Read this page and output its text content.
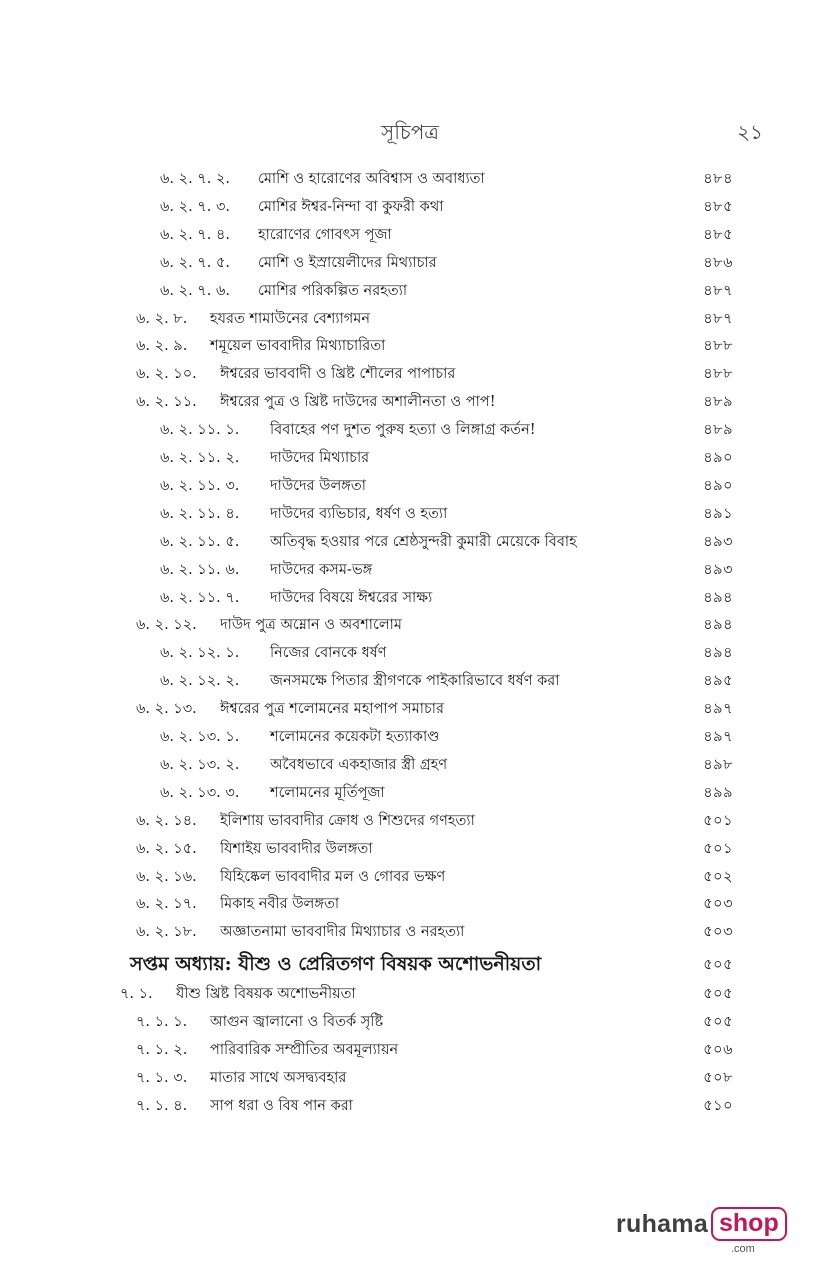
সূচিপত্র	২১
৬. ২. ৭. ২. মোশি ও হারোণের অবিশ্বাস ও অবাধ্যতা	৪৮৪
৬. ২. ৭. ৩. মোশির ঈশ্বর-নিন্দা বা কুফরী কথা	৪৮৫
৬. ২. ৭. ৪. হারোণের গোবৎস পূজা	৪৮৫
৬. ২. ৭. ৫. মোশি ও ইস্রায়েলীদের মিথ্যাচার	৪৮৬
৬. ২. ৭. ৬. মোশির পরিকল্পিত নরহত্যা	৪৮৭
৬. ২. ৮. হযরত শামাউনের বেশ্যাগমন	৪৮৭
৬. ২. ৯. শমূয়েল ভাববাদীর মিথ্যাচারিতা	৪৮৮
৬. ২. ১০. ঈশ্বরের ভাববাদী ও খ্রিষ্ট শৌলের পাপাচার	৪৮৮
৬. ২. ১১. ঈশ্বরের পুত্র ও খ্রিষ্ট দাউদের অশালীনতা ও পাপ!	৪৮৯
৬. ২. ১১. ১. বিবাহের পণ দুশত পুরুষ হত্যা ও লিঙ্গাগ্র কর্তন!	৪৮৯
৬. ২. ১১. ২. দাউদের মিথ্যাচার	৪৯০
৬. ২. ১১. ৩. দাউদের উলঙ্গতা	৪৯০
৬. ২. ১১. ৪. দাউদের ব্যভিচার, ধর্ষণ ও হত্যা	৪৯১
৬. ২. ১১. ৫. অতিবৃদ্ধ হওয়ার পরে শ্রেষ্ঠসুন্দরী কুমারী মেয়েকে বিবাহ	৪৯৩
৬. ২. ১১. ৬. দাউদের কসম-ভঙ্গ	৪৯৩
৬. ২. ১১. ৭. দাউদের বিষয়ে ঈশ্বরের সাক্ষ্য	৪৯৪
৬. ২. ১২. দাউদ পুত্র অম্নোন ও অবশালোম	৪৯৪
৬. ২. ১২. ১. নিজের বোনকে ধর্ষণ	৪৯৪
৬. ২. ১২. ২. জনসমক্ষে পিতার স্ত্রীগণকে পাইকারিভাবে ধর্ষণ করা	৪৯৫
৬. ২. ১৩. ঈশ্বরের পুত্র শলোমনের মহাপাপ সমাচার	৪৯৭
৬. ২. ১৩. ১. শলোমনের কয়েকটা হত্যাকাণ্ড	৪৯৭
৬. ২. ১৩. ২. অবৈধভাবে একহাজার স্ত্রী গ্রহণ	৪৯৮
৬. ২. ১৩. ৩. শলোমনের মূর্তিপূজা	৪৯৯
৬. ২. ১৪. ইলিশায় ভাববাদীর ক্রোধ ও শিশুদের গণহত্যা	৫০১
৬. ২. ১৫. যিশাইয় ভাববাদীর উলঙ্গতা	৫০১
৬. ২. ১৬. যিহিষ্কেল ভাববাদীর মল ও গোবর ভক্ষণ	৫০২
৬. ২. ১৭. মিকাহ নবীর উলঙ্গতা	৫০৩
৬. ২. ১৮. অজ্ঞাতনামা ভাববাদীর মিথ্যাচার ও নরহত্যা	৫০৩
সপ্তম অধ্যায়: যীশু ও প্রেরিতগণ বিষয়ক অশোভনীয়তা	৫০৫
৭. ১. যীশু খ্রিষ্ট বিষয়ক অশোভনীয়তা	৫০৫
৭. ১. ১. আগুন জ্বালানো ও বিতর্ক সৃষ্টি	৫০৫
৭. ১. ২. পারিবারিক সম্প্রীতির অবমূল্যায়ন	৫০৬
৭. ১. ৩. মাতার সাথে অসদ্ব্যবহার	৫০৮
৭. ১. ৪. সাপ ধরা ও বিষ পান করা	৫১০
ruhama shop
.com
